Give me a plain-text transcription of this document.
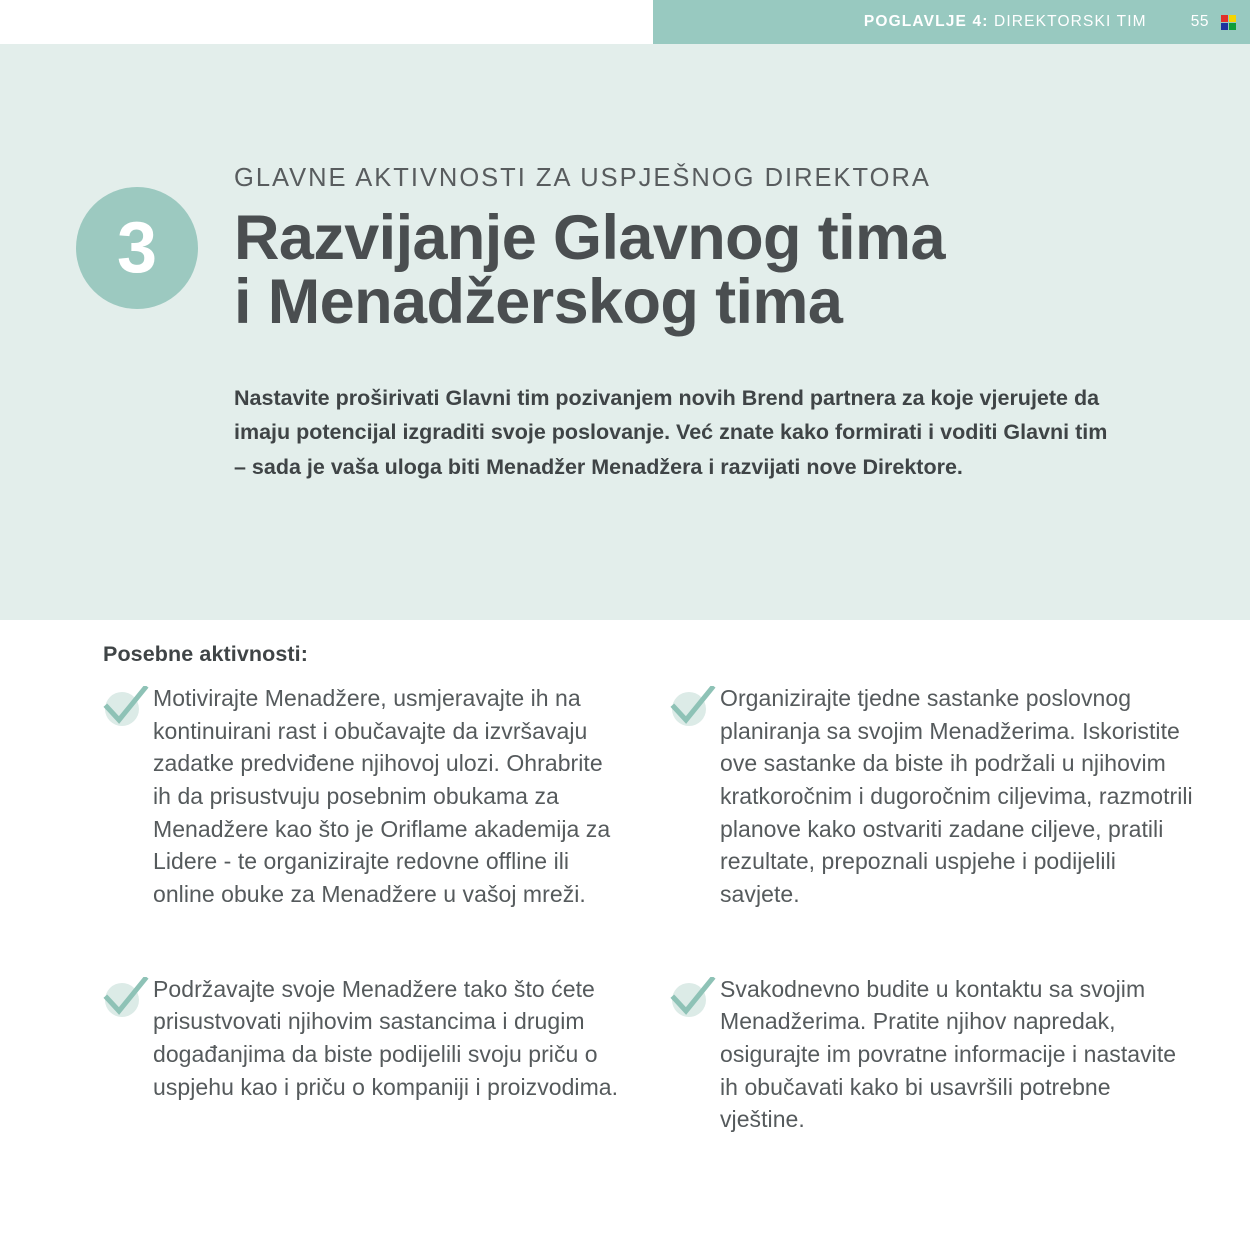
POGLAVLJE 4: DIREKTORSKI TIM	55
3
GLAVNE AKTIVNOSTI ZA USPJEŠNOG DIREKTORA
Razvijanje Glavnog tima
i Menadžerskog tima

Nastavite proširivati Glavni tim pozivanjem novih Brend partnera za koje vjerujete da imaju potencijal izgraditi svoje poslovanje. Već znate kako formirati i voditi Glavni tim – sada je vaša uloga biti Menadžer Menadžera i razvijati nove Direktore.

Posebne aktivnosti:
Motivirajte Menadžere, usmjeravajte ih na kontinuirani rast i obučavajte da izvršavaju zadatke predviđene njihovoj ulozi. Ohrabrite ih da prisustvuju posebnim obukama za Menadžere kao što je Oriflame akademija za Lidere - te organizirajte redovne offline ili online obuke za Menadžere u vašoj mreži.
Podržavajte svoje Menadžere tako što ćete prisustvovati njihovim sastancima i drugim događanjima da biste podijelili svoju priču o uspjehu kao i priču o kompaniji i proizvodima.
Organizirajte tjedne sastanke poslovnog planiranja sa svojim Menadžerima. Iskoristite ove sastanke da biste ih podržali u njihovim kratkoročnim i dugoročnim ciljevima, razmotrili planove kako ostvariti zadane ciljeve, pratili rezultate, prepoznali uspjehe i podijelili savjete.
Svakodnevno budite u kontaktu sa svojim Menadžerima. Pratite njihov napredak, osigurajte im povratne informacije i nastavite ih obučavati kako bi usavršili potrebne vještine.
